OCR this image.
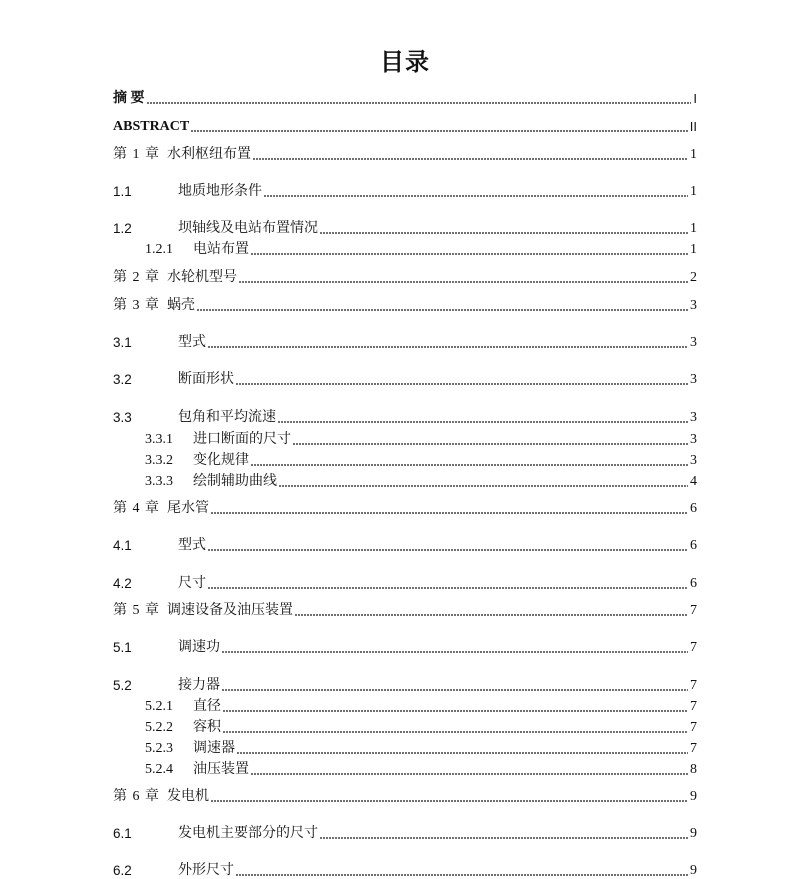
目录
摘 要	I
ABSTRACT	II
第 1 章 水利枢纽布置	1
1.1	地质地形条件	1
1.2	坝轴线及电站布置情况	1
1.2.1	电站布置	1
第 2 章 水轮机型号	2
第 3 章 蜗壳	3
3.1	型式	3
3.2	断面形状	3
3.3	包角和平均流速	3
3.3.1	进口断面的尺寸	3
3.3.2	变化规律	3
3.3.3	绘制辅助曲线	4
第 4 章 尾水管	6
4.1	型式	6
4.2	尺寸	6
第 5 章 调速设备及油压装置	7
5.1	调速功	7
5.2	接力器	7
5.2.1	直径	7
5.2.2	容积	7
5.2.3	调速器	7
5.2.4	油压装置	8
第 6 章 发电机	9
6.1	发电机主要部分的尺寸	9
6.2	外形尺寸	9
